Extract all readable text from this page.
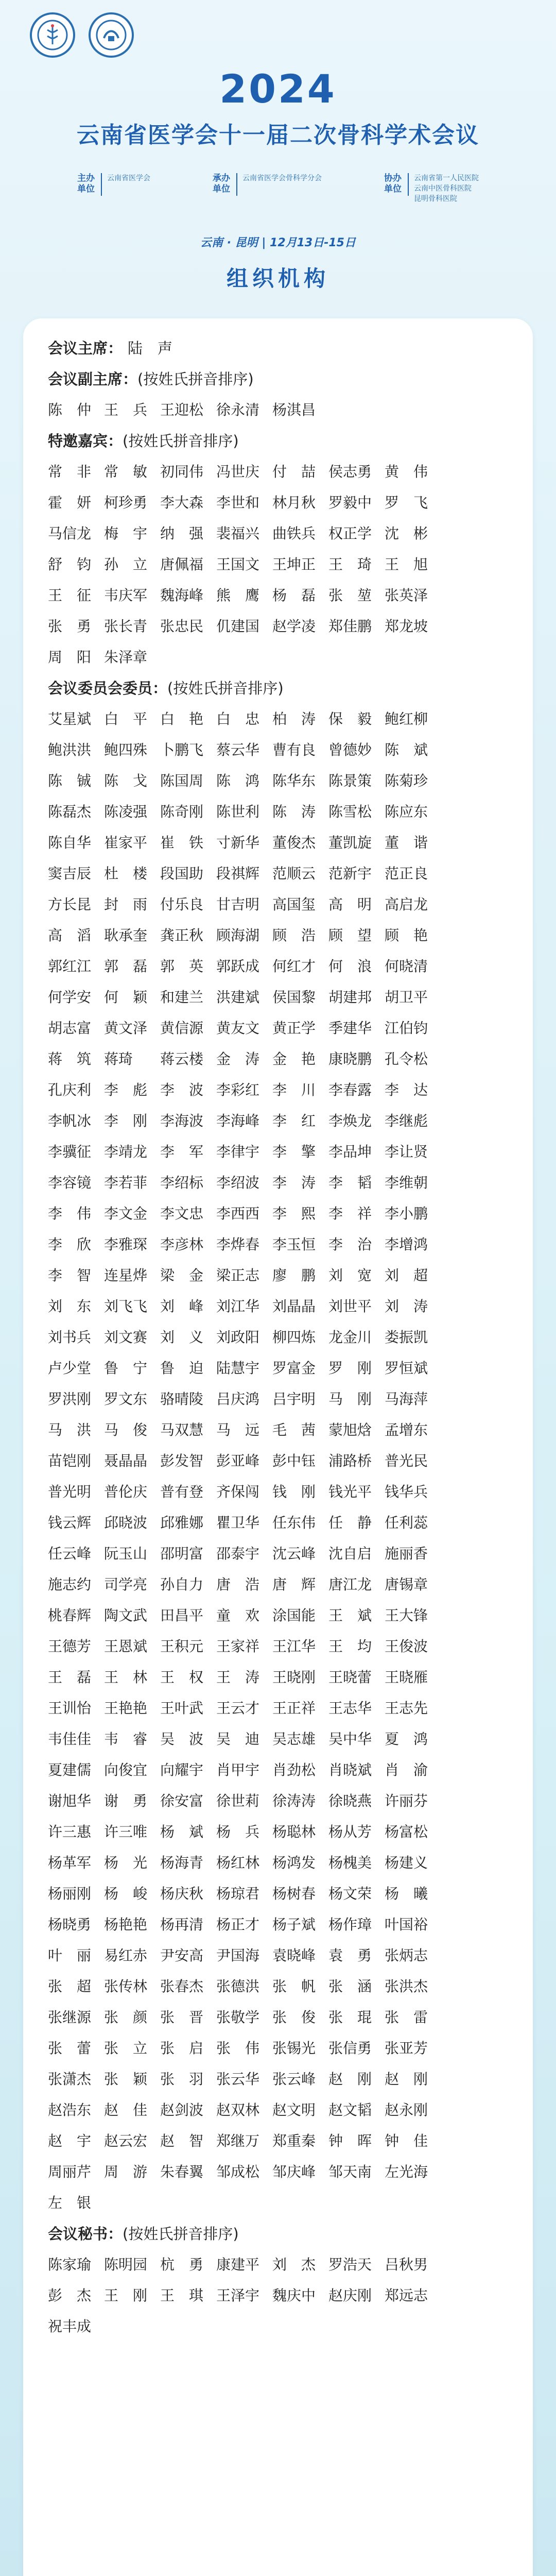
2024
云南省医学会十一届二次骨科学术会议
主办单位
云南省医学会	承办单位
云南省医学会骨科学分会	协办单位
云南省第一人民医院
云南中医骨科医院
昆明骨科医院
云南 · 昆明 | 12月13日-15日
组织机构
会议主席： 陆　声
会议副主席： (按姓氏拼音排序)
陈　仲 王　兵 王迎松 徐永清 杨淇昌
特邀嘉宾： (按姓氏拼音排序)
常　非 常　敏 初同伟 冯世庆 付　喆 侯志勇 黄　伟
霍　妍 柯珍勇 李大森 李世和 林月秋 罗毅中 罗　飞
马信龙 梅　宇 纳　强 裴福兴 曲铁兵 权正学 沈　彬
舒　钧 孙　立 唐佩福 王国文 王坤正 王　琦 王　旭
王　征 韦庆军 魏海峰 熊　鹰 杨　磊 张　堃 张英泽
张　勇 张长青 张忠民 仉建国 赵学凌 郑佳鹏 郑龙坡
周　阳 朱泽章
会议委员会委员： (按姓氏拼音排序)
艾星斌 白　平 白　艳 白　忠 柏　涛 保　毅 鲍红柳
鲍洪洪 鲍四殊 卜鹏飞 蔡云华 曹有良 曾德妙 陈　斌
陈　铖 陈　戈 陈国周 陈　鸿 陈华东 陈景策 陈菊珍
陈磊杰 陈凌强 陈奇刚 陈世利 陈　涛 陈雪松 陈应东
陈自华 崔家平 崔　铁 寸新华 董俊杰 董凯旋 董　谐
窦吉辰 杜　楼 段国助 段祺辉 范顺云 范新宇 范正良
方长昆 封　雨 付乐良 甘吉明 高国玺 高　明 高启龙
高　滔 耿承奎 龚正秋 顾海湖 顾　浩 顾　望 顾　艳
郭红江 郭　磊 郭　英 郭跃成 何红才 何　浪 何晓清
何学安 何　颖 和建兰 洪建斌 侯国黎 胡建邦 胡卫平
胡志富 黄文泽 黄信源 黄友文 黄正学 季建华 江伯钧
蒋　筑 蒋琦	蒋云楼 金　涛 金　艳 康晓鹏 孔令松
孔庆利 李　彪 李　波 李彩红 李　川 李春露 李　达
李帆冰 李　刚 李海波 李海峰 李　红 李焕龙 李继彪
李骥征 李靖龙 李　军 李律宇 李　擎 李品坤 李让贤
李容镜 李若菲 李绍标 李绍波 李　涛 李　韬 李维朝
李　伟 李文金 李文忠 李西西 李　熙 李　祥 李小鹏
李　欣 李雅琛 李彦林 李烨春 李玉恒 李　治 李增鸿
李　智 连星烨 梁　金 梁正志 廖　鹏 刘　宽 刘　超
刘　东 刘飞飞 刘　峰 刘江华 刘晶晶 刘世平 刘　涛
刘书兵 刘文赛 刘　义 刘政阳 柳四炼 龙金川 娄振凯
卢少堂 鲁　宁 鲁　迫 陆慧宇 罗富金 罗　刚 罗恒斌
罗洪刚 罗文东 骆晴陵 吕庆鸿 吕宇明 马　刚 马海萍
马　洪 马　俊 马双慧 马　远 毛　茜 蒙旭焓 孟增东
苗铠刚 聂晶晶 彭发智 彭亚峰 彭中钰 浦路桥 普光民
普光明 普伦庆 普有登 齐保闯 钱　刚 钱光平 钱华兵
钱云辉 邱晓波 邱雅娜 瞿卫华 任东伟 任　静 任利蕊
任云峰 阮玉山 邵明富 邵泰宇 沈云峰 沈自启 施丽香
施志约 司学亮 孙自力 唐　浩 唐　辉 唐江龙 唐锡章
桃春辉 陶文武 田昌平 童　欢 涂国能 王　斌 王大锋
王德芳 王恩斌 王积元 王家祥 王江华 王　均 王俊波
王　磊 王　林 王　权 王　涛 王晓刚 王晓蕾 王晓雁
王训怡 王艳艳 王叶武 王云才 王正祥 王志华 王志先
韦佳佳 韦　睿 吴　波 吴　迪 吴志雄 吴中华 夏　鸿
夏建儒 向俊宜 向耀宇 肖甲宇 肖劲松 肖晓斌 肖　渝
谢旭华 谢　勇 徐安富 徐世莉 徐涛涛 徐晓燕 许丽芬
许三惠 许三唯 杨　斌 杨　兵 杨聪林 杨从芳 杨富松
杨革军 杨　光 杨海青 杨红林 杨鸿发 杨槐美 杨建义
杨丽刚 杨　峻 杨庆秋 杨琼君 杨树春 杨文荣 杨　曦
杨晓勇 杨艳艳 杨再清 杨正才 杨子斌 杨作璋 叶国裕
叶　丽 易红赤 尹安高 尹国海 袁晓峰 袁　勇 张炳志
张　超 张传林 张春杰 张德洪 张　帆 张　涵 张洪杰
张继源 张　颜 张　晋 张敬学 张　俊 张　琨 张　雷
张　蕾 张　立 张　启 张　伟 张锡光 张信勇 张亚芳
张潇杰 张　颖 张　羽 张云华 张云峰 赵　刚 赵　刚
赵浩东 赵　佳 赵剑波 赵双林 赵文明 赵文韬 赵永刚
赵　宇 赵云宏 赵　智 郑继万 郑重秦 钟　晖 钟　佳
周丽芹 周　游 朱春翼 邹成松 邹庆峰 邹天南 左光海
左　银
会议秘书： (按姓氏拼音排序)
陈家瑜 陈明园 杭　勇 康建平 刘　杰 罗浩天 吕秋男
彭　杰 王　刚 王　琪 王泽宇 魏庆中 赵庆刚 郑远志
祝丰成
